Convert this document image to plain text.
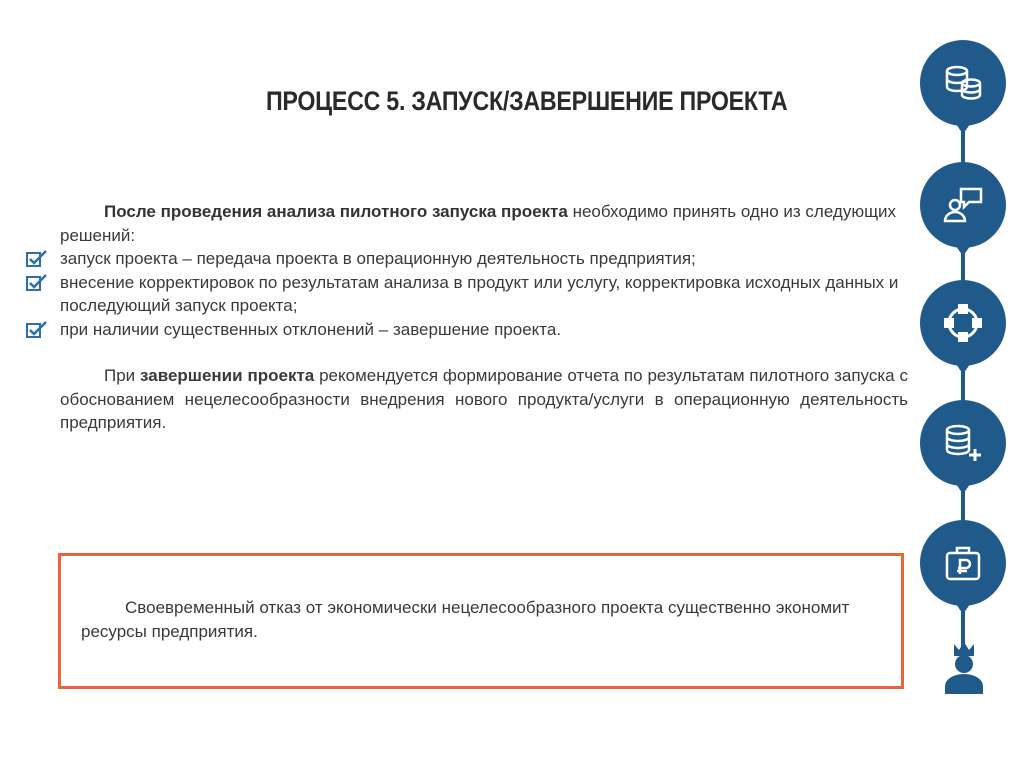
ПРОЦЕСС 5. ЗАПУСК/ЗАВЕРШЕНИЕ ПРОЕКТА
После проведения анализа пилотного запуска проекта необходимо принять одно из следующих решений:
запуск проекта – передача проекта в операционную деятельность предприятия;
внесение корректировок по результатам анализа в продукт или услугу, корректировка исходных данных и последующий запуск проекта;
при наличии существенных отклонений – завершение проекта.
При завершении проекта рекомендуется формирование отчета по результатам пилотного запуска с обоснованием нецелесообразности внедрения нового продукта/услуги в операционную деятельность предприятия.
Своевременный отказ от экономически нецелесообразного проекта существенно экономит ресурсы предприятия.
